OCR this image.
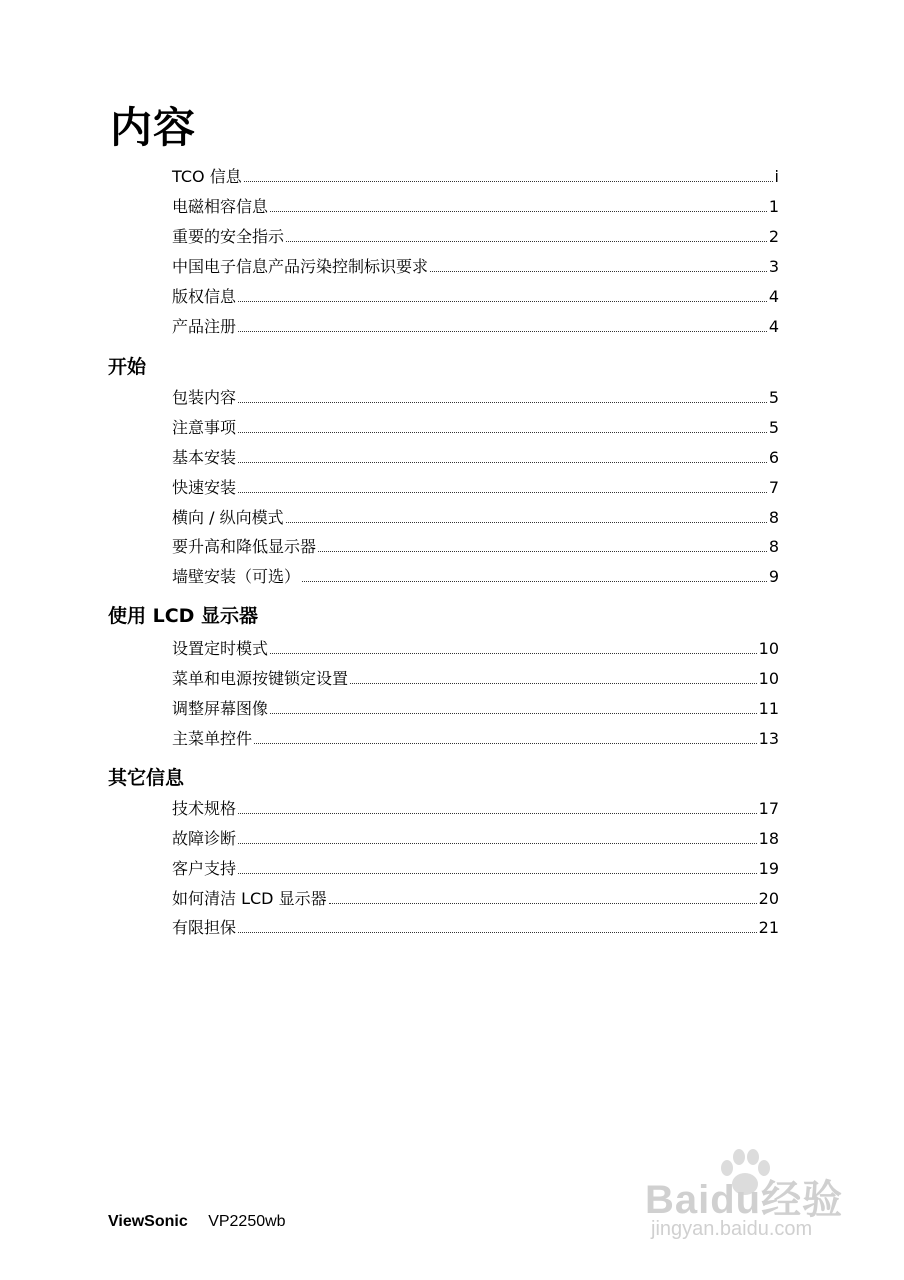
内容
TCO 信息	i
电磁相容信息	1
重要的安全指示	2
中国电子信息产品污染控制标识要求	3
版权信息	4
产品注册	4
开始
包装内容	5
注意事项	5
基本安装	6
快速安装	7
横向 / 纵向模式	8
要升高和降低显示器	8
墙壁安装（可选）	9
使用 LCD 显示器
设置定时模式	10
菜单和电源按键锁定设置	10
调整屏幕图像	11
主菜单控件	13
其它信息
技术规格	17
故障诊断	18
客户支持	19
如何清洁 LCD 显示器	20
有限担保	21
ViewSonic VP2250wb	Baidu经验
jingyan.baidu.com
